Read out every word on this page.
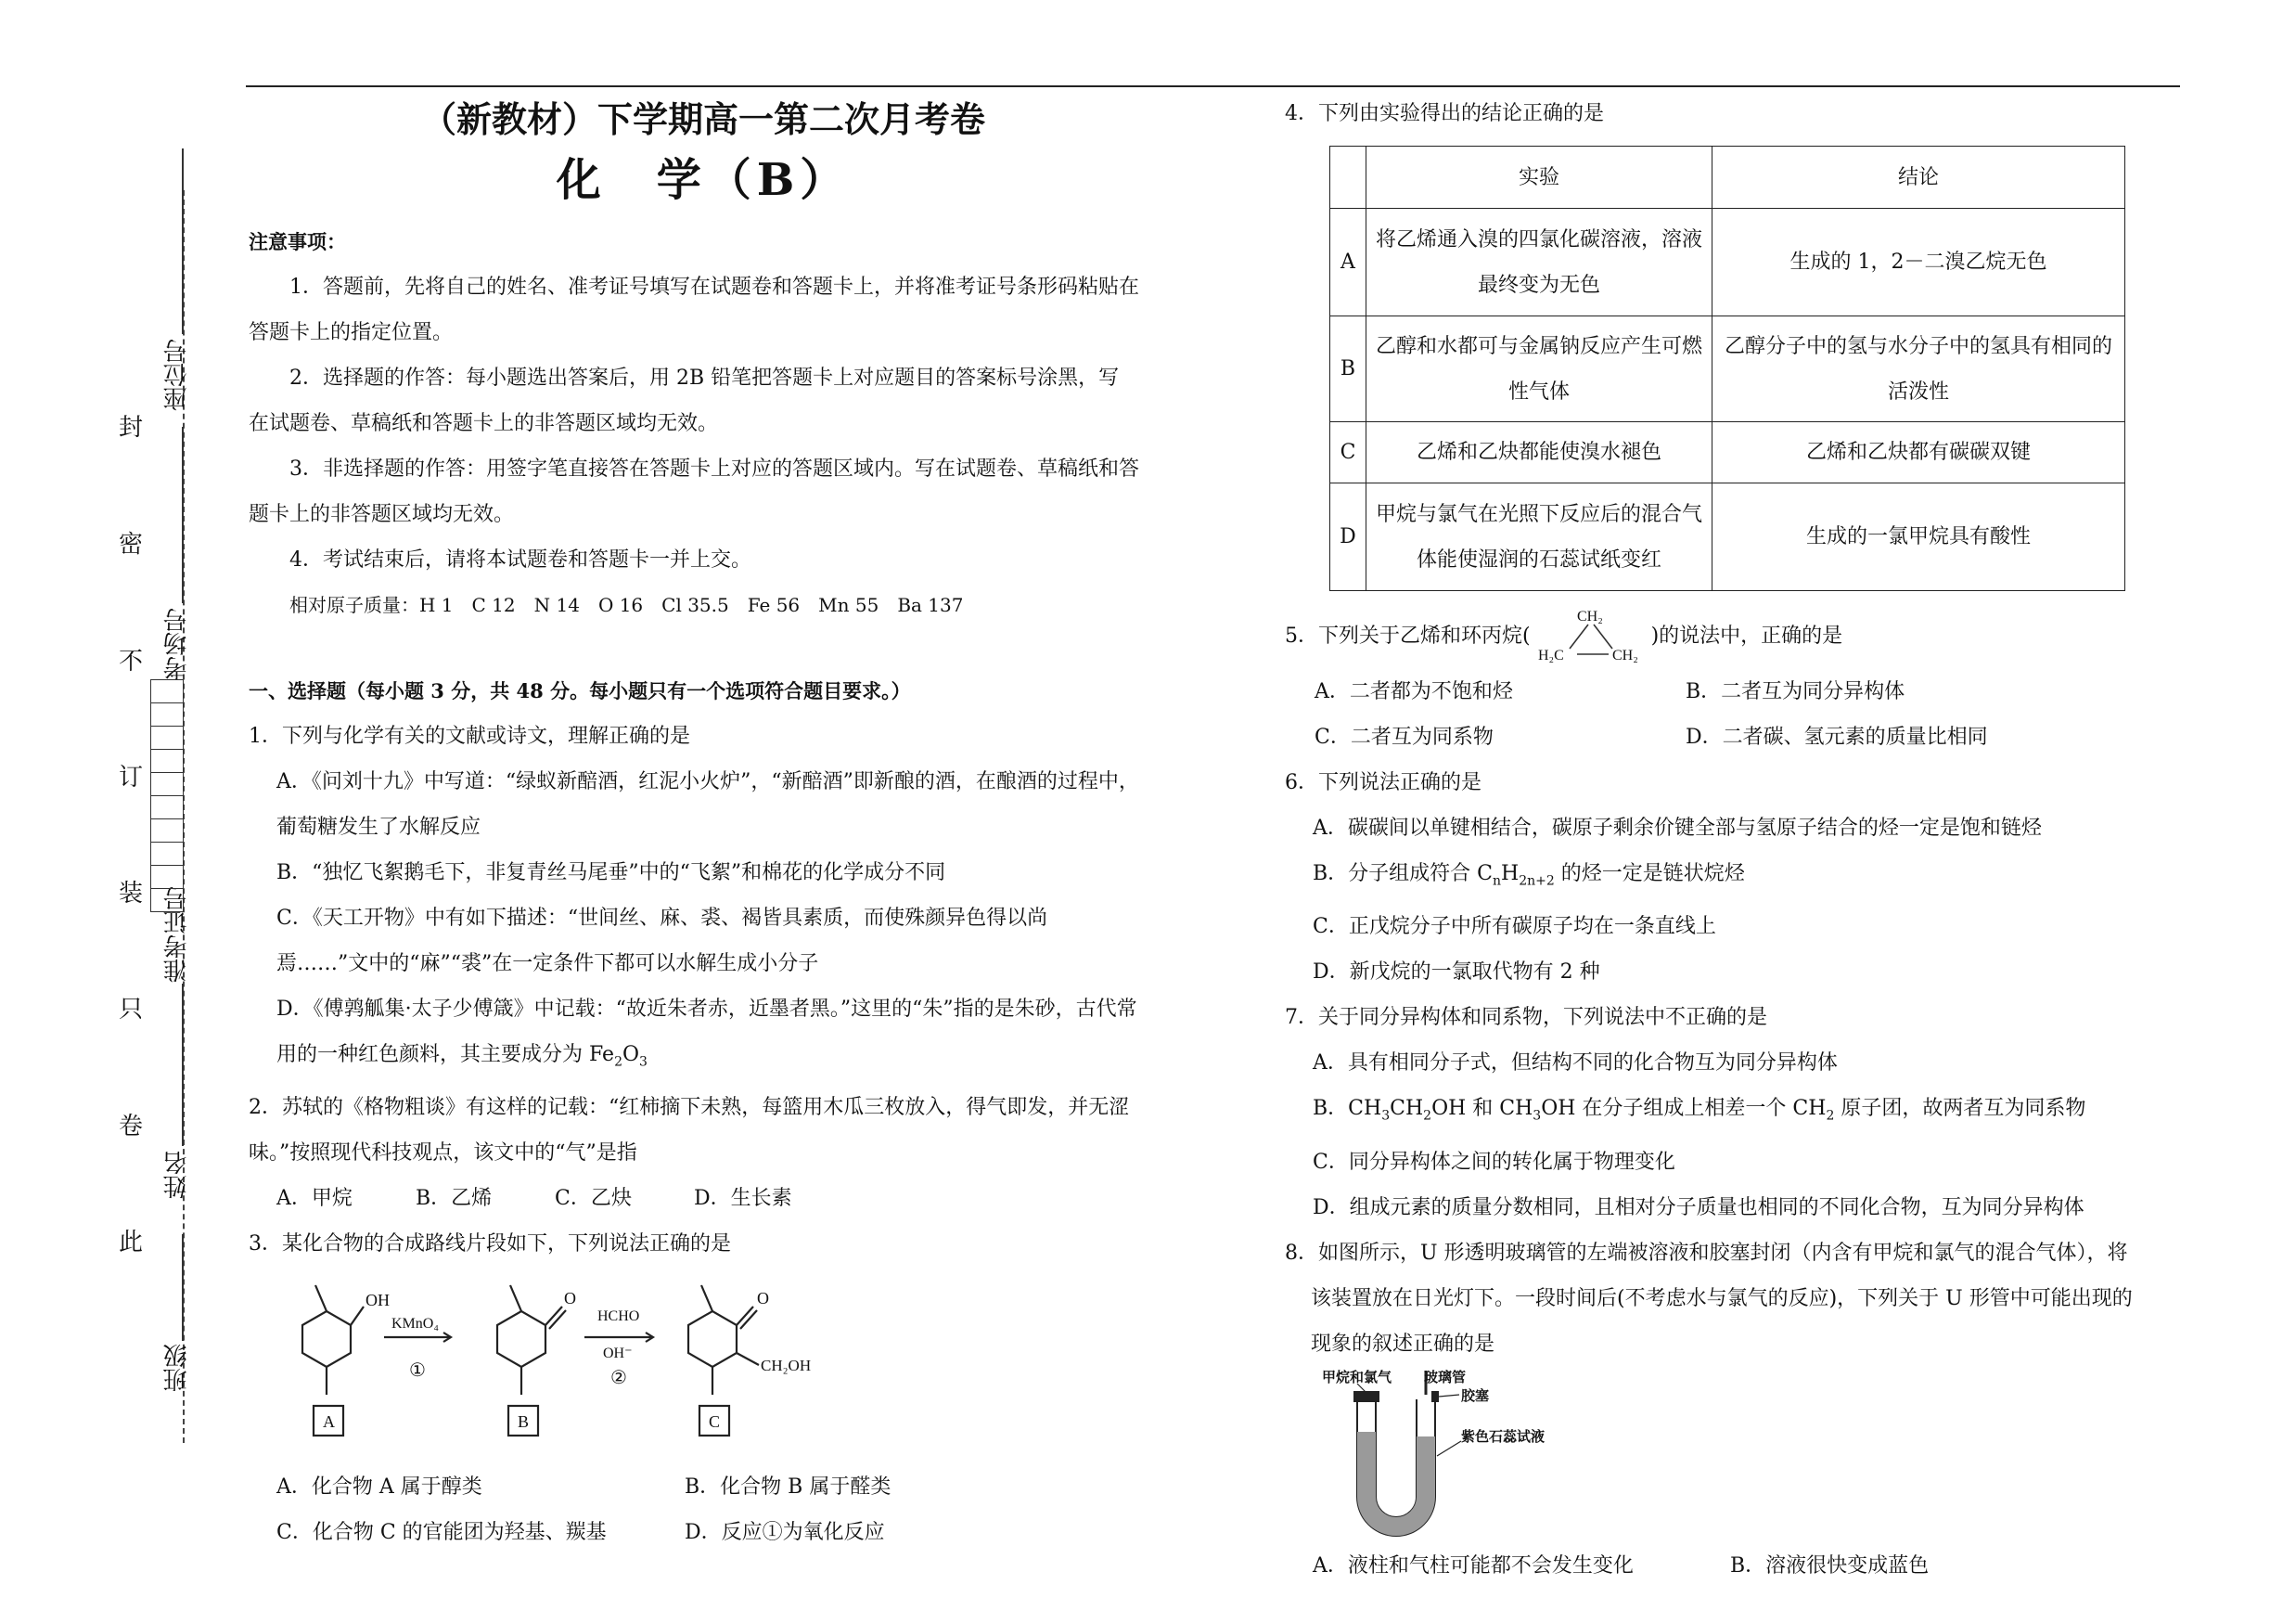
此
卷
只
装
订
不
密
封
座位号
考场号
准考证号
姓名
班级
（新教材）下学期高一第二次月考卷
化　学（B）
注意事项：
1．答题前，先将自己的姓名、准考证号填写在试题卷和答题卡上，并将准考证号条形码粘贴在答题卡上的指定位置。
2．选择题的作答：每小题选出答案后，用 2B 铅笔把答题卡上对应题目的答案标号涂黑，写在试题卷、草稿纸和答题卡上的非答题区域均无效。
3．非选择题的作答：用签字笔直接答在答题卡上对应的答题区域内。写在试题卷、草稿纸和答题卡上的非答题区域均无效。
4．考试结束后，请将本试题卷和答题卡一并上交。
相对原子质量：H 1　C 12　N 14　O 16　Cl 35.5　Fe 56　Mn 55　Ba 137
一、选择题（每小题 3 分，共 48 分。每小题只有一个选项符合题目要求。）
1．下列与化学有关的文献或诗文，理解正确的是
A．《问刘十九》中写道：“绿蚁新醅酒，红泥小火炉”，“新醅酒”即新酿的酒，在酿酒的过程中，葡萄糖发生了水解反应
B．“独忆飞絮鹅毛下，非复青丝马尾垂”中的“飞絮”和棉花的化学成分不同
C．《天工开物》中有如下描述：“世间丝、麻、裘、褐皆具素质，而使殊颜异色得以尚焉……”文中的“麻”“裘”在一定条件下都可以水解生成小分子
D．《傅鹑觚集·太子少傅箴》中记载：“故近朱者赤，近墨者黑。”这里的“朱”指的是朱砂，古代常用的一种红色颜料，其主要成分为 $Fe_2O_3$
2．苏轼的《格物粗谈》有这样的记载：“红柿摘下未熟，每篮用木瓜三枚放入，得气即发，并无涩味。”按照现代科技观点，该文中的“气”是指
A．甲烷	B．乙烯	C．乙炔	D．生长素
3．某化合物的合成路线片段如下，下列说法正确的是
OH
KMnO₄
①
O
HCHO
OH⁻
②
O
CH₂OH
A	B	C
A．化合物 A 属于醇类	B．化合物 B 属于醛类
C．化合物 C 的官能团为羟基、羰基	D．反应①为氧化反应
4．下列由实验得出的结论正确的是
	实验	结论
A	将乙烯通入溴的四氯化碳溶液，溶液最终变为无色	生成的 1，2－二溴乙烷无色
B	乙醇和水都可与金属钠反应产生可燃性气体	乙醇分子中的氢与水分子中的氢具有相同的活泼性
C	乙烯和乙炔都能使溴水褪色	乙烯和乙炔都有碳碳双键
D	甲烷与氯气在光照下反应后的混合气体能使湿润的石蕊试纸变红	生成的一氯甲烷具有酸性
5．下列关于乙烯和环丙烷(
CH₂
H₂C	CH₂
)的说法中，正确的是
A．二者都为不饱和烃	B．二者互为同分异构体
C．二者互为同系物	D．二者碳、氢元素的质量比相同
6．下列说法正确的是
A．碳碳间以单键相结合，碳原子剩余价键全部与氢原子结合的烃一定是饱和链烃
B．分子组成符合 $C_nH_{2n+2}$ 的烃一定是链状烷烃
C．正戊烷分子中所有碳原子均在一条直线上
D．新戊烷的一氯取代物有 2 种
7．关于同分异构体和同系物，下列说法中不正确的是
A．具有相同分子式，但结构不同的化合物互为同分异构体
B．$CH_3CH_2OH$ 和 $CH_3OH$ 在分子组成上相差一个 $CH_2$ 原子团，故两者互为同系物
C．同分异构体之间的转化属于物理变化
D．组成元素的质量分数相同，且相对分子质量也相同的不同化合物，互为同分异构体
8．如图所示，U 形透明玻璃管的左端被溶液和胶塞封闭（内含有甲烷和氯气的混合气体），将该装置放在日光灯下。一段时间后(不考虑水与氯气的反应)，下列关于 U 形管中可能出现的现象的叙述正确的是
甲烷和氯气 玻璃管
胶塞
紫色石蕊试液
A．液柱和气柱可能都不会发生变化	B．溶液很快变成蓝色
